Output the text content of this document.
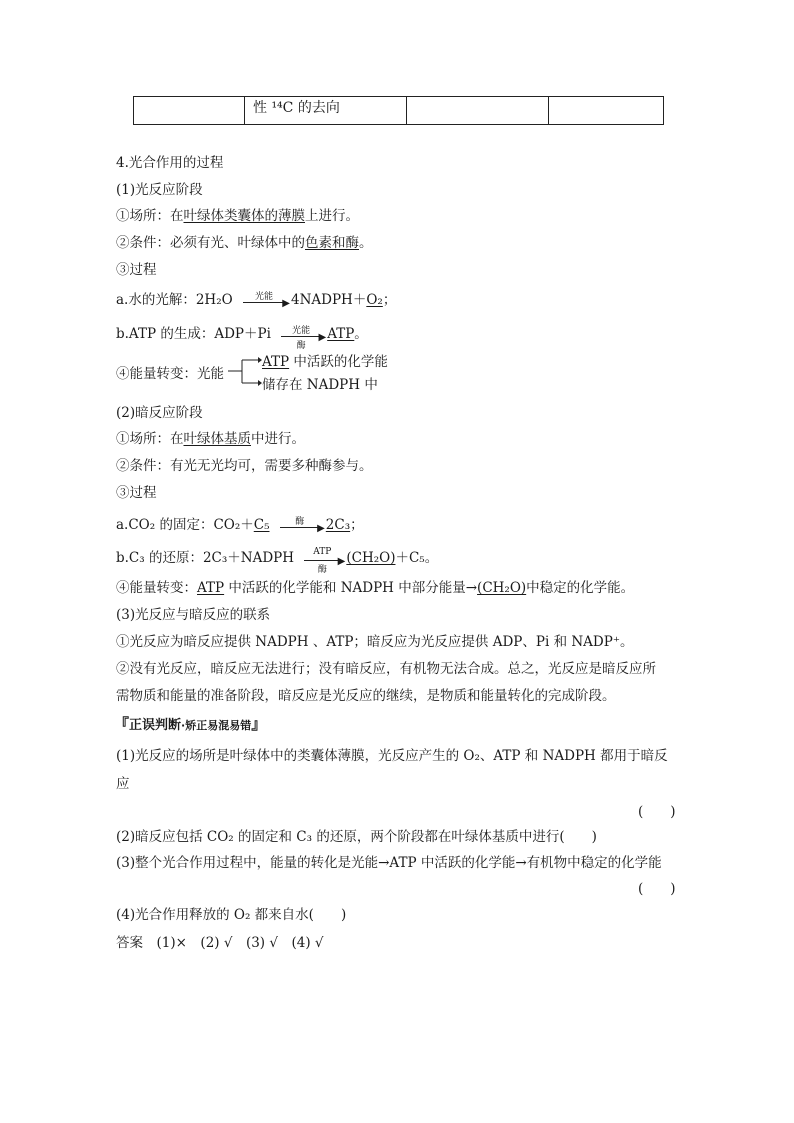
	性 ¹⁴C 的去向		
4.光合作用的过程
(1)光反应阶段
①场所：在叶绿体类囊体的薄膜上进行。
②条件：必须有光、叶绿体中的色素和酶。
③过程
a.水的光解：2H₂O	光能
▶ 4NADPH＋O₂；
b.ATP 的生成：ADP＋Pi	光能
▶
酶
ATP。
④能量转变：光能
ATP 中活跃的化学能
储存在 NADPH 中
(2)暗反应阶段
①场所：在叶绿体基质中进行。
②条件：有光无光均可，需要多种酶参与。
③过程
a.CO₂ 的固定：CO₂＋C₅	酶
▶ 2C₃；
b.C₃ 的还原：2C₃＋NADPH	ATP
▶
酶
(CH₂O)＋C₅。
④能量转变：ATP 中活跃的化学能和 NADPH 中部分能量→(CH₂O)中稳定的化学能。
(3)光反应与暗反应的联系
①光反应为暗反应提供 NADPH 、ATP；暗反应为光反应提供 ADP、Pi 和 NADP⁺。
②没有光反应，暗反应无法进行；没有暗反应，有机物无法合成。总之，光反应是暗反应所
需物质和能量的准备阶段，暗反应是光反应的继续，是物质和能量转化的完成阶段。
『正误判断·矫正易混易错』
(1)光反应的场所是叶绿体中的类囊体薄膜，光反应产生的 O₂、ATP 和 NADPH 都用于暗反
应
(　　)
(2)暗反应包括 CO₂ 的固定和 C₃ 的还原，两个阶段都在叶绿体基质中进行(　　)
(3)整个光合作用过程中，能量的转化是光能→ATP 中活跃的化学能→有机物中稳定的化学能
(　　)
(4)光合作用释放的 O₂ 都来自水(　　)
答案　(1)×　(2) √　(3) √　(4) √
